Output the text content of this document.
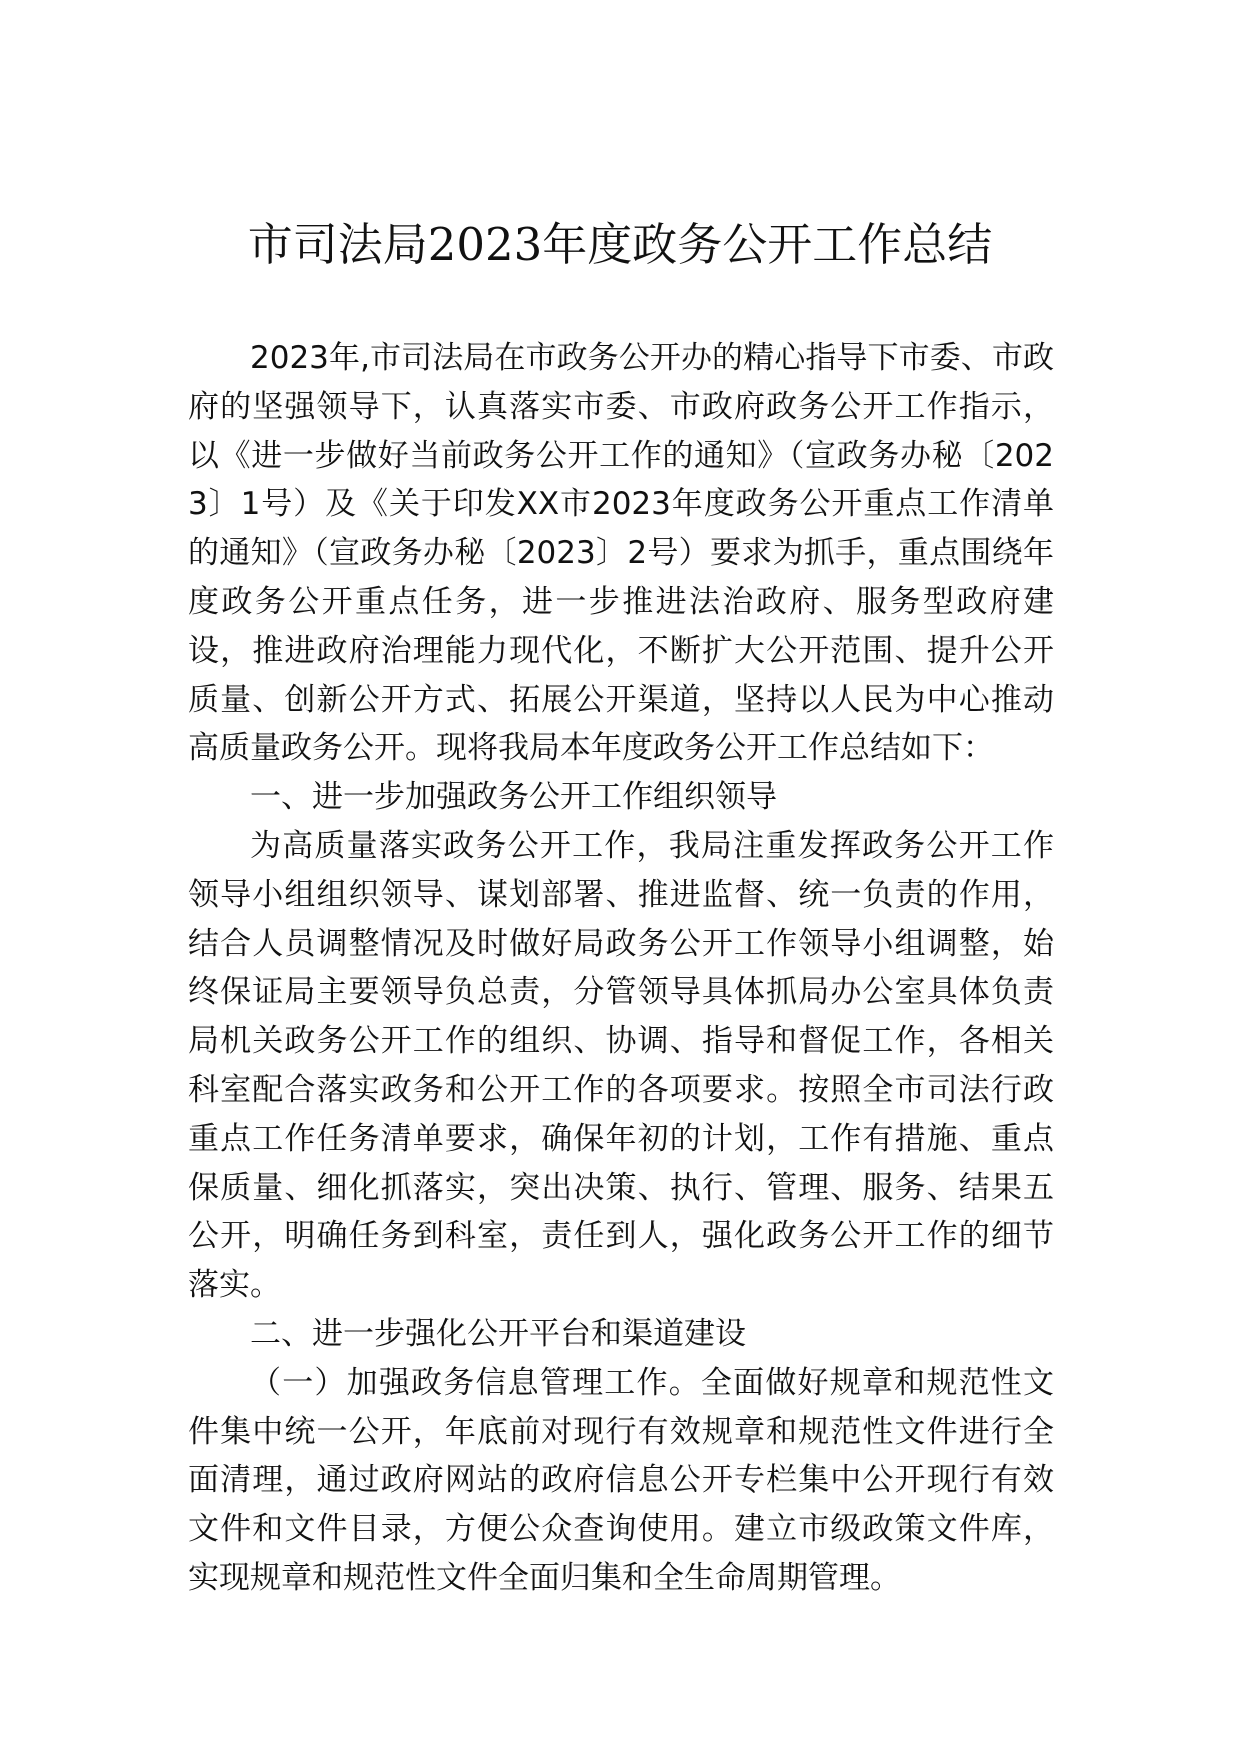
市司法局2023年度政务公开工作总结

2023年,市司法局在市政务公开办的精心指导下市委、市政府的坚强领导下，认真落实市委、市政府政务公开工作指示，以《进一步做好当前政务公开工作的通知》（宣政务办秘〔2023〕1号）及《关于印发XX市2023年度政务公开重点工作清单的通知》（宣政务办秘〔2023〕2号）要求为抓手，重点围绕年度政务公开重点任务，进一步推进法治政府、服务型政府建设，推进政府治理能力现代化，不断扩大公开范围、提升公开质量、创新公开方式、拓展公开渠道，坚持以人民为中心推动高质量政务公开。现将我局本年度政务公开工作总结如下：

一、进一步加强政务公开工作组织领导

为高质量落实政务公开工作，我局注重发挥政务公开工作领导小组组织领导、谋划部署、推进监督、统一负责的作用，结合人员调整情况及时做好局政务公开工作领导小组调整，始终保证局主要领导负总责，分管领导具体抓局办公室具体负责局机关政务公开工作的组织、协调、指导和督促工作，各相关科室配合落实政务和公开工作的各项要求。按照全市司法行政重点工作任务清单要求，确保年初的计划，工作有措施、重点保质量、细化抓落实，突出决策、执行、管理、服务、结果五公开，明确任务到科室，责任到人，强化政务公开工作的细节落实。

二、进一步强化公开平台和渠道建设

（一）加强政务信息管理工作。全面做好规章和规范性文件集中统一公开，年底前对现行有效规章和规范性文件进行全面清理，通过政府网站的政府信息公开专栏集中公开现行有效文件和文件目录，方便公众查询使用。建立市级政策文件库，实现规章和规范性文件全面归集和全生命周期管理。
